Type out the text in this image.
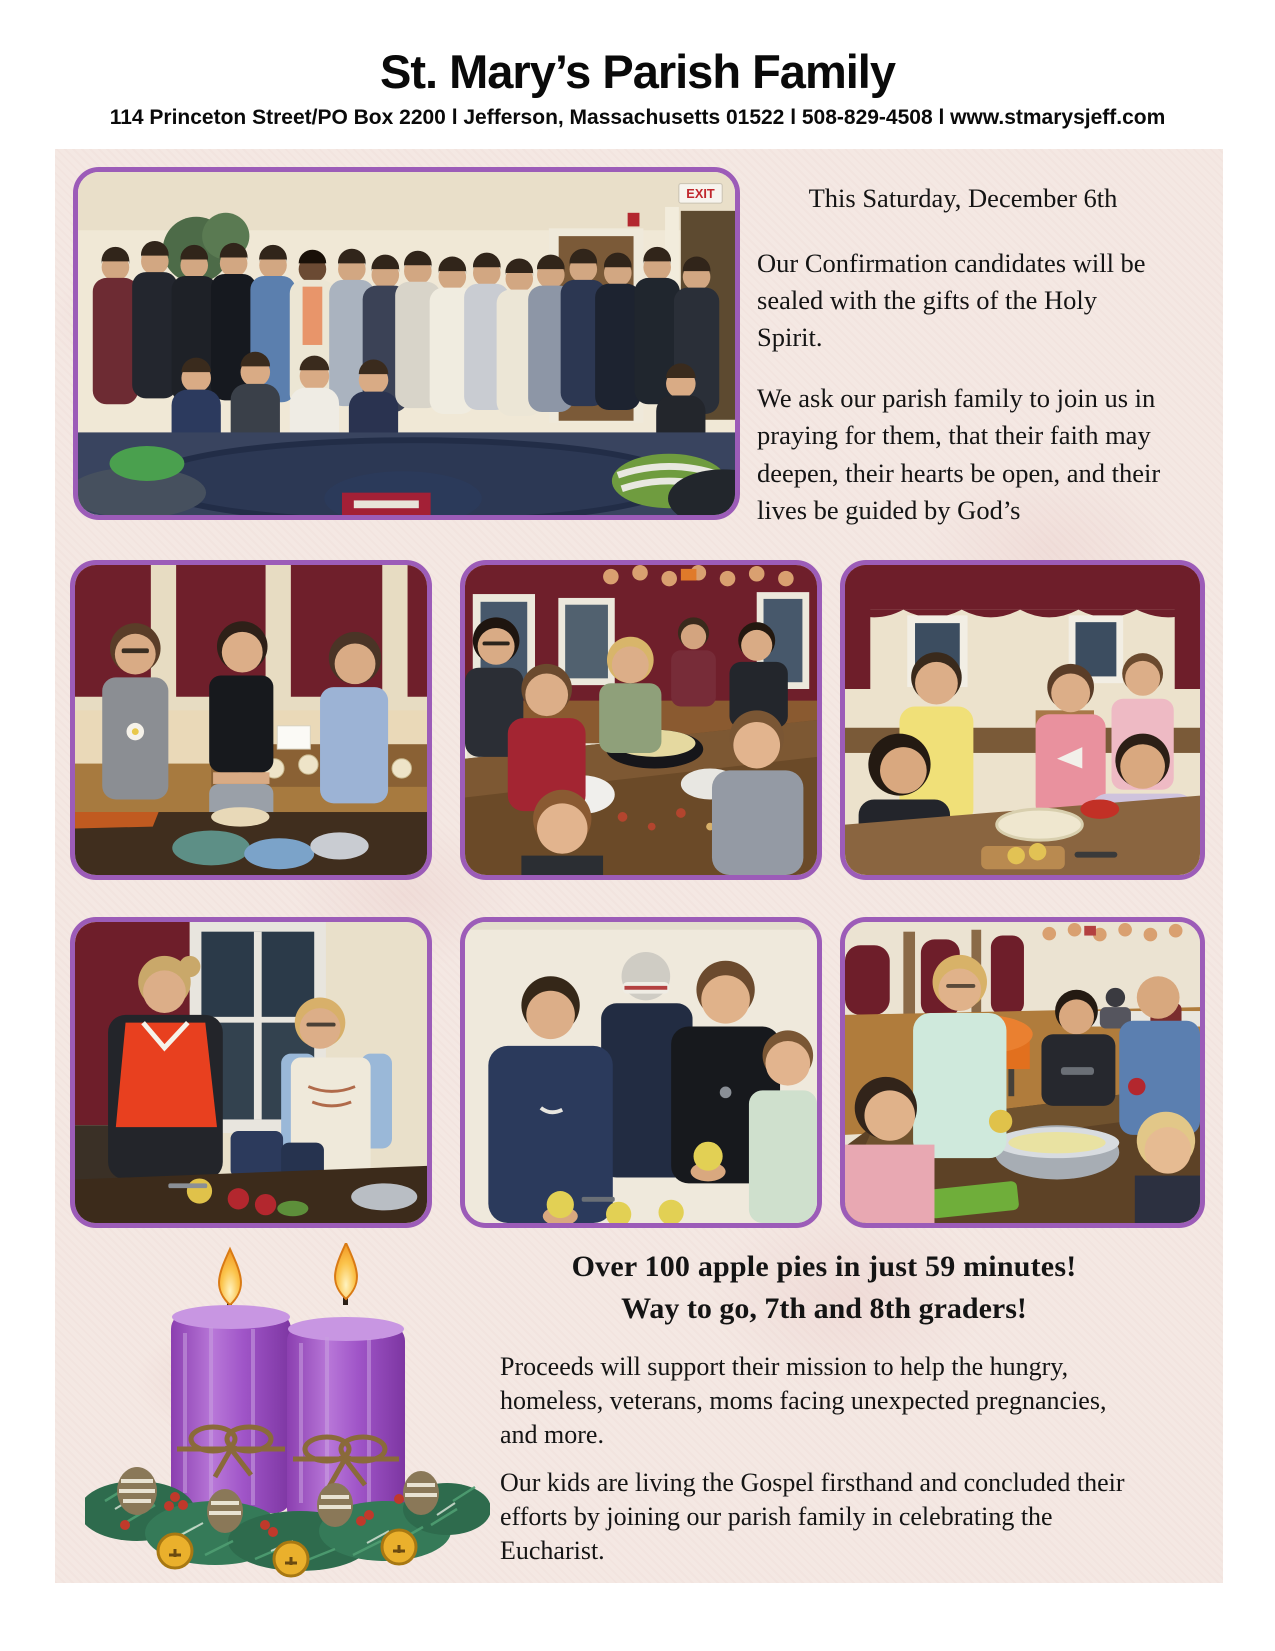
St. Mary’s Parish Family
114 Princeton Street/PO Box 2200 l Jefferson, Massachusetts 01522 l 508-829-4508 l www.stmarysjeff.com
EXIT	This Saturday, December 6th

Our Confirmation candidates will be sealed with the gifts of the Holy Spirit.

We ask our parish family to join us in praying for them, that their faith may deepen, their hearts be open, and their lives be guided by God’s

Over 100 apple pies in just 59 minutes!
Way to go, 7th and 8th graders!

Proceeds will support their mission to help the hungry, homeless, veterans, moms facing unexpected pregnancies, and more.

Our kids are living the Gospel firsthand and concluded their efforts by joining our parish family in celebrating the Eucharist.
